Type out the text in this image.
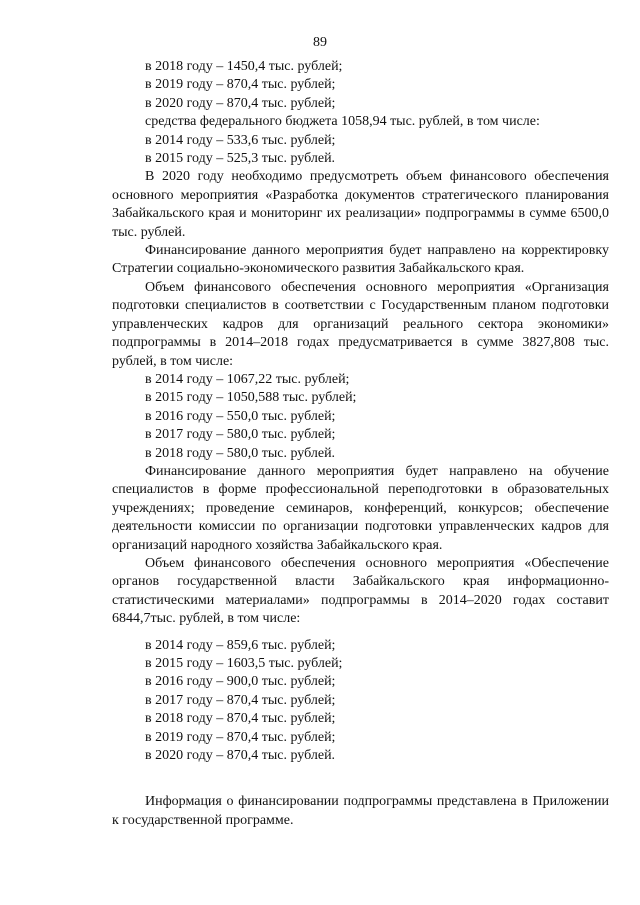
89

в 2018 году – 1450,4 тыс. рублей;

в 2019 году – 870,4 тыс. рублей;

в 2020 году – 870,4 тыс. рублей;

средства федерального бюджета 1058,94 тыс. рублей, в том числе:

в 2014 году – 533,6 тыс. рублей;

в 2015 году – 525,3 тыс. рублей.

В 2020 году необходимо предусмотреть объем финансового обеспечения основного мероприятия «Разработка документов стратегического планирования Забайкальского края и мониторинг их реализации» подпрограммы в сумме 6500,0 тыс. рублей.

Финансирование данного мероприятия будет направлено на корректировку Стратегии социально-экономического развития Забайкальского края.

Объем финансового обеспечения основного мероприятия «Организация подготовки специалистов в соответствии с Государственным планом подготовки управленческих кадров для организаций реального сектора экономики» подпрограммы в 2014–2018 годах предусматривается в сумме 3827,808 тыс. рублей, в том числе:

в 2014 году – 1067,22 тыс. рублей;

в 2015 году – 1050,588 тыс. рублей;

в 2016 году – 550,0 тыс. рублей;

в 2017 году – 580,0 тыс. рублей;

в 2018 году – 580,0 тыс. рублей.

Финансирование данного мероприятия будет направлено на обучение специалистов в форме профессиональной переподготовки в образовательных учреждениях; проведение семинаров, конференций, конкурсов; обеспечение деятельности комиссии по организации подготовки управленческих кадров для организаций народного хозяйства Забайкальского края.

Объем финансового обеспечения основного мероприятия «Обеспечение органов государственной власти Забайкальского края информационно-статистическими материалами» подпрограммы в 2014–2020 годах составит 6844,7тыс. рублей, в том числе:

в 2014 году – 859,6 тыс. рублей;

в 2015 году – 1603,5 тыс. рублей;

в 2016 году – 900,0 тыс. рублей;

в 2017 году – 870,4 тыс. рублей;

в 2018 году – 870,4 тыс. рублей;

в 2019 году – 870,4 тыс. рублей;

в 2020 году – 870,4 тыс. рублей.

Информация о финансировании подпрограммы представлена в Приложении к государственной программе.
